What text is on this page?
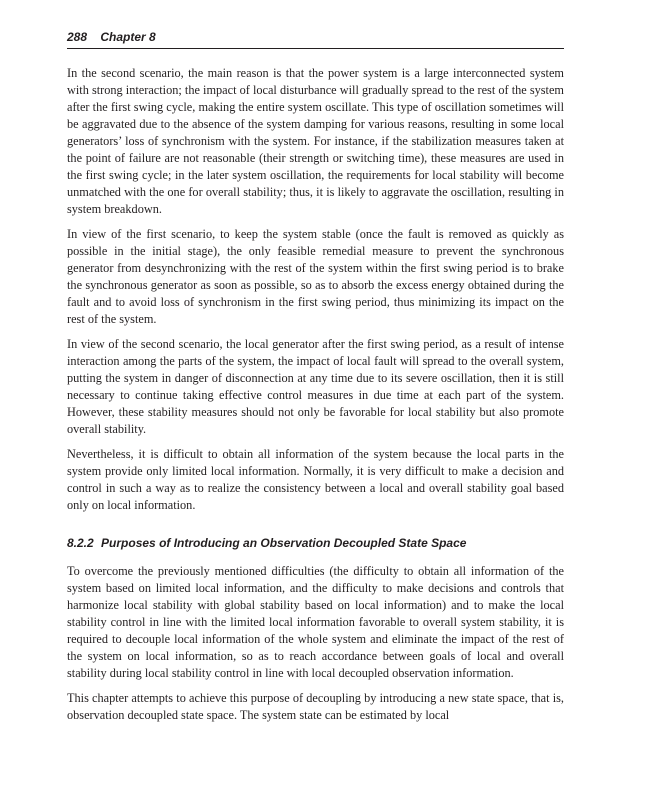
288 Chapter 8

In the second scenario, the main reason is that the power system is a large interconnected system with strong interaction; the impact of local disturbance will gradually spread to the rest of the system after the first swing cycle, making the entire system oscillate. This type of oscillation sometimes will be aggravated due to the absence of the system damping for various reasons, resulting in some local generators’ loss of synchronism with the system. For instance, if the stabilization measures taken at the point of failure are not reasonable (their strength or switching time), these measures are used in the first swing cycle; in the later system oscillation, the requirements for local stability will become unmatched with the one for overall stability; thus, it is likely to aggravate the oscillation, resulting in system breakdown.

In view of the first scenario, to keep the system stable (once the fault is removed as quickly as possible in the initial stage), the only feasible remedial measure to prevent the synchronous generator from desynchronizing with the rest of the system within the first swing period is to brake the synchronous generator as soon as possible, so as to absorb the excess energy obtained during the fault and to avoid loss of synchronism in the first swing period, thus minimizing its impact on the rest of the system.

In view of the second scenario, the local generator after the first swing period, as a result of intense interaction among the parts of the system, the impact of local fault will spread to the overall system, putting the system in danger of disconnection at any time due to its severe oscillation, then it is still necessary to continue taking effective control measures in due time at each part of the system. However, these stability measures should not only be favorable for local stability but also promote overall stability.

Nevertheless, it is difficult to obtain all information of the system because the local parts in the system provide only limited local information. Normally, it is very difficult to make a decision and control in such a way as to realize the consistency between a local and overall stability goal based only on local information.

8.2.2 Purposes of Introducing an Observation Decoupled State Space

To overcome the previously mentioned difficulties (the difficulty to obtain all information of the system based on limited local information, and the difficulty to make decisions and controls that harmonize local stability with global stability based on local information) and to make the local stability control in line with the limited local information favorable to overall system stability, it is required to decouple local information of the whole system and eliminate the impact of the rest of the system on local information, so as to reach accordance between goals of local and overall stability during local stability control in line with local decoupled observation information.

This chapter attempts to achieve this purpose of decoupling by introducing a new state space, that is, observation decoupled state space. The system state can be estimated by local
